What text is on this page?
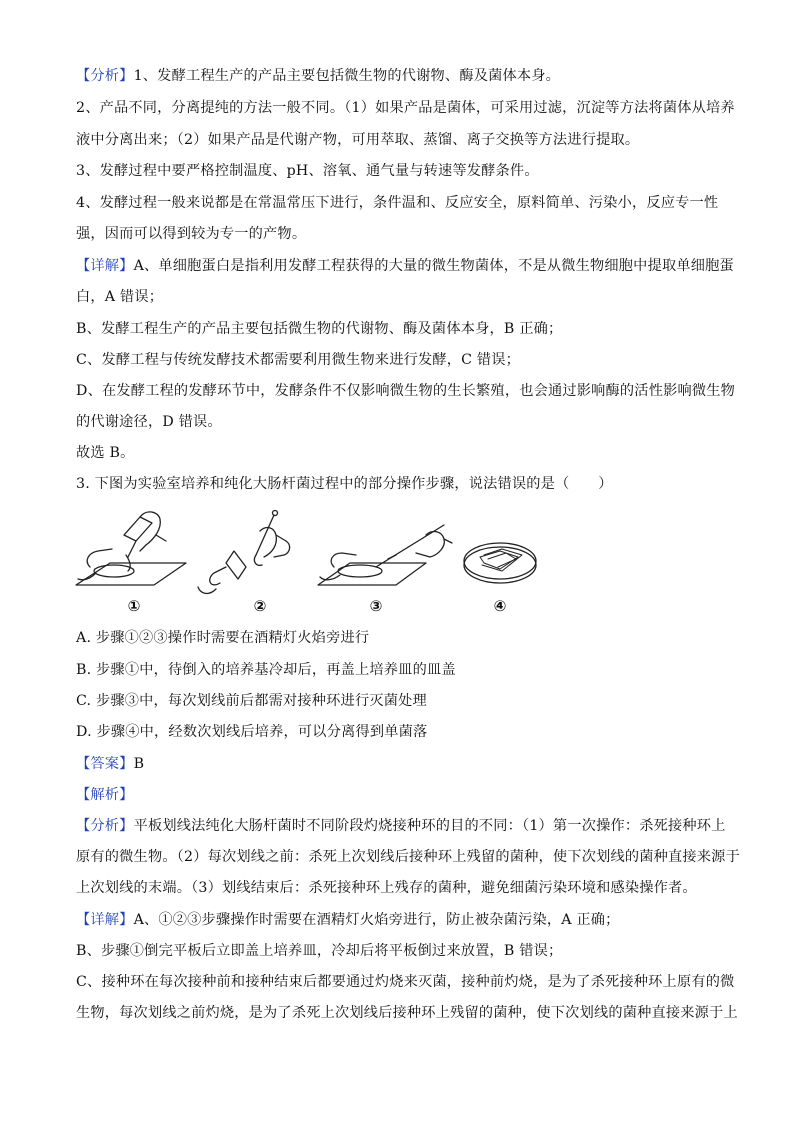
【分析】1、发酵工程生产的产品主要包括微生物的代谢物、酶及菌体本身。
2、产品不同，分离提纯的方法一般不同。（1）如果产品是菌体，可采用过滤，沉淀等方法将菌体从培养
液中分离出来；（2）如果产品是代谢产物，可用萃取、蒸馏、离子交换等方法进行提取。
3、发酵过程中要严格控制温度、pH、溶氧、通气量与转速等发酵条件。
4、发酵过程一般来说都是在常温常压下进行，条件温和、反应安全，原料简单、污染小，反应专一性
强，因而可以得到较为专一的产物。
【详解】A、单细胞蛋白是指利用发酵工程获得的大量的微生物菌体，不是从微生物细胞中提取单细胞蛋
白，A 错误；
B、发酵工程生产的产品主要包括微生物的代谢物、酶及菌体本身，B 正确；
C、发酵工程与传统发酵技术都需要利用微生物来进行发酵，C 错误；
D、在发酵工程的发酵环节中，发酵条件不仅影响微生物的生长繁殖，也会通过影响酶的活性影响微生物
的代谢途径，D 错误。
故选 B。
3. 下图为实验室培养和纯化大肠杆菌过程中的部分操作步骤，说法错误的是（　　）
①	②	③	④
A. 步骤①②③操作时需要在酒精灯火焰旁进行
B. 步骤①中，待倒入的培养基冷却后，再盖上培养皿的皿盖
C. 步骤③中，每次划线前后都需对接种环进行灭菌处理
D. 步骤④中，经数次划线后培养，可以分离得到单菌落
【答案】B
【解析】
【分析】平板划线法纯化大肠杆菌时不同阶段灼烧接种环的目的不同：（1）第一次操作：杀死接种环上
原有的微生物。（2）每次划线之前：杀死上次划线后接种环上残留的菌种，使下次划线的菌种直接来源于
上次划线的末端。（3）划线结束后：杀死接种环上残存的菌种，避免细菌污染环境和感染操作者。
【详解】A、①②③步骤操作时需要在酒精灯火焰旁进行，防止被杂菌污染，A 正确；
B、步骤①倒完平板后立即盖上培养皿，冷却后将平板倒过来放置，B 错误；
C、接种环在每次接种前和接种结束后都要通过灼烧来灭菌，接种前灼烧，是为了杀死接种环上原有的微
生物，每次划线之前灼烧，是为了杀死上次划线后接种环上残留的菌种，使下次划线的菌种直接来源于上
